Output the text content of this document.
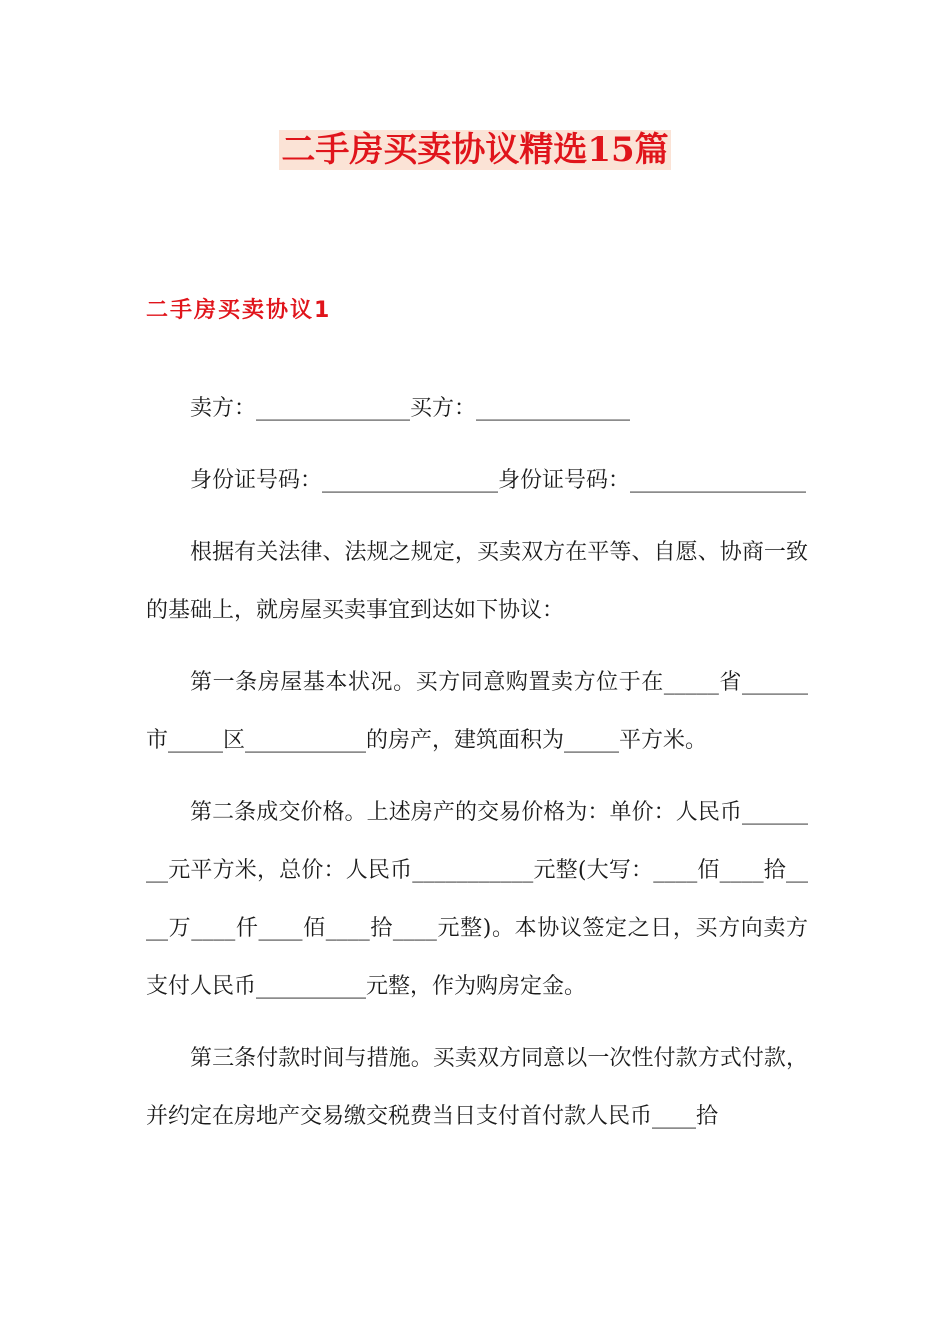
二手房买卖协议精选15篇
二手房买卖协议1

卖方：______________买方：______________

身份证号码：________________身份证号码：________________

根据有关法律、法规之规定，买卖双方在平等、自愿、协商一致的基础上，就房屋买卖事宜到达如下协议：

第一条房屋基本状况。买方同意购置卖方位于在_____省______市_____区___________的房产，建筑面积为_____平方米。

第二条成交价格。上述房产的交易价格为：单价：人民币________元平方米，总价：人民币___________元整(大写：____佰____拾____万____仟____佰____拾____元整)。本协议签定之日，买方向卖方支付人民币__________元整，作为购房定金。

第三条付款时间与措施。买卖双方同意以一次性付款方式付款，并约定在房地产交易缴交税费当日支付首付款人民币____拾
